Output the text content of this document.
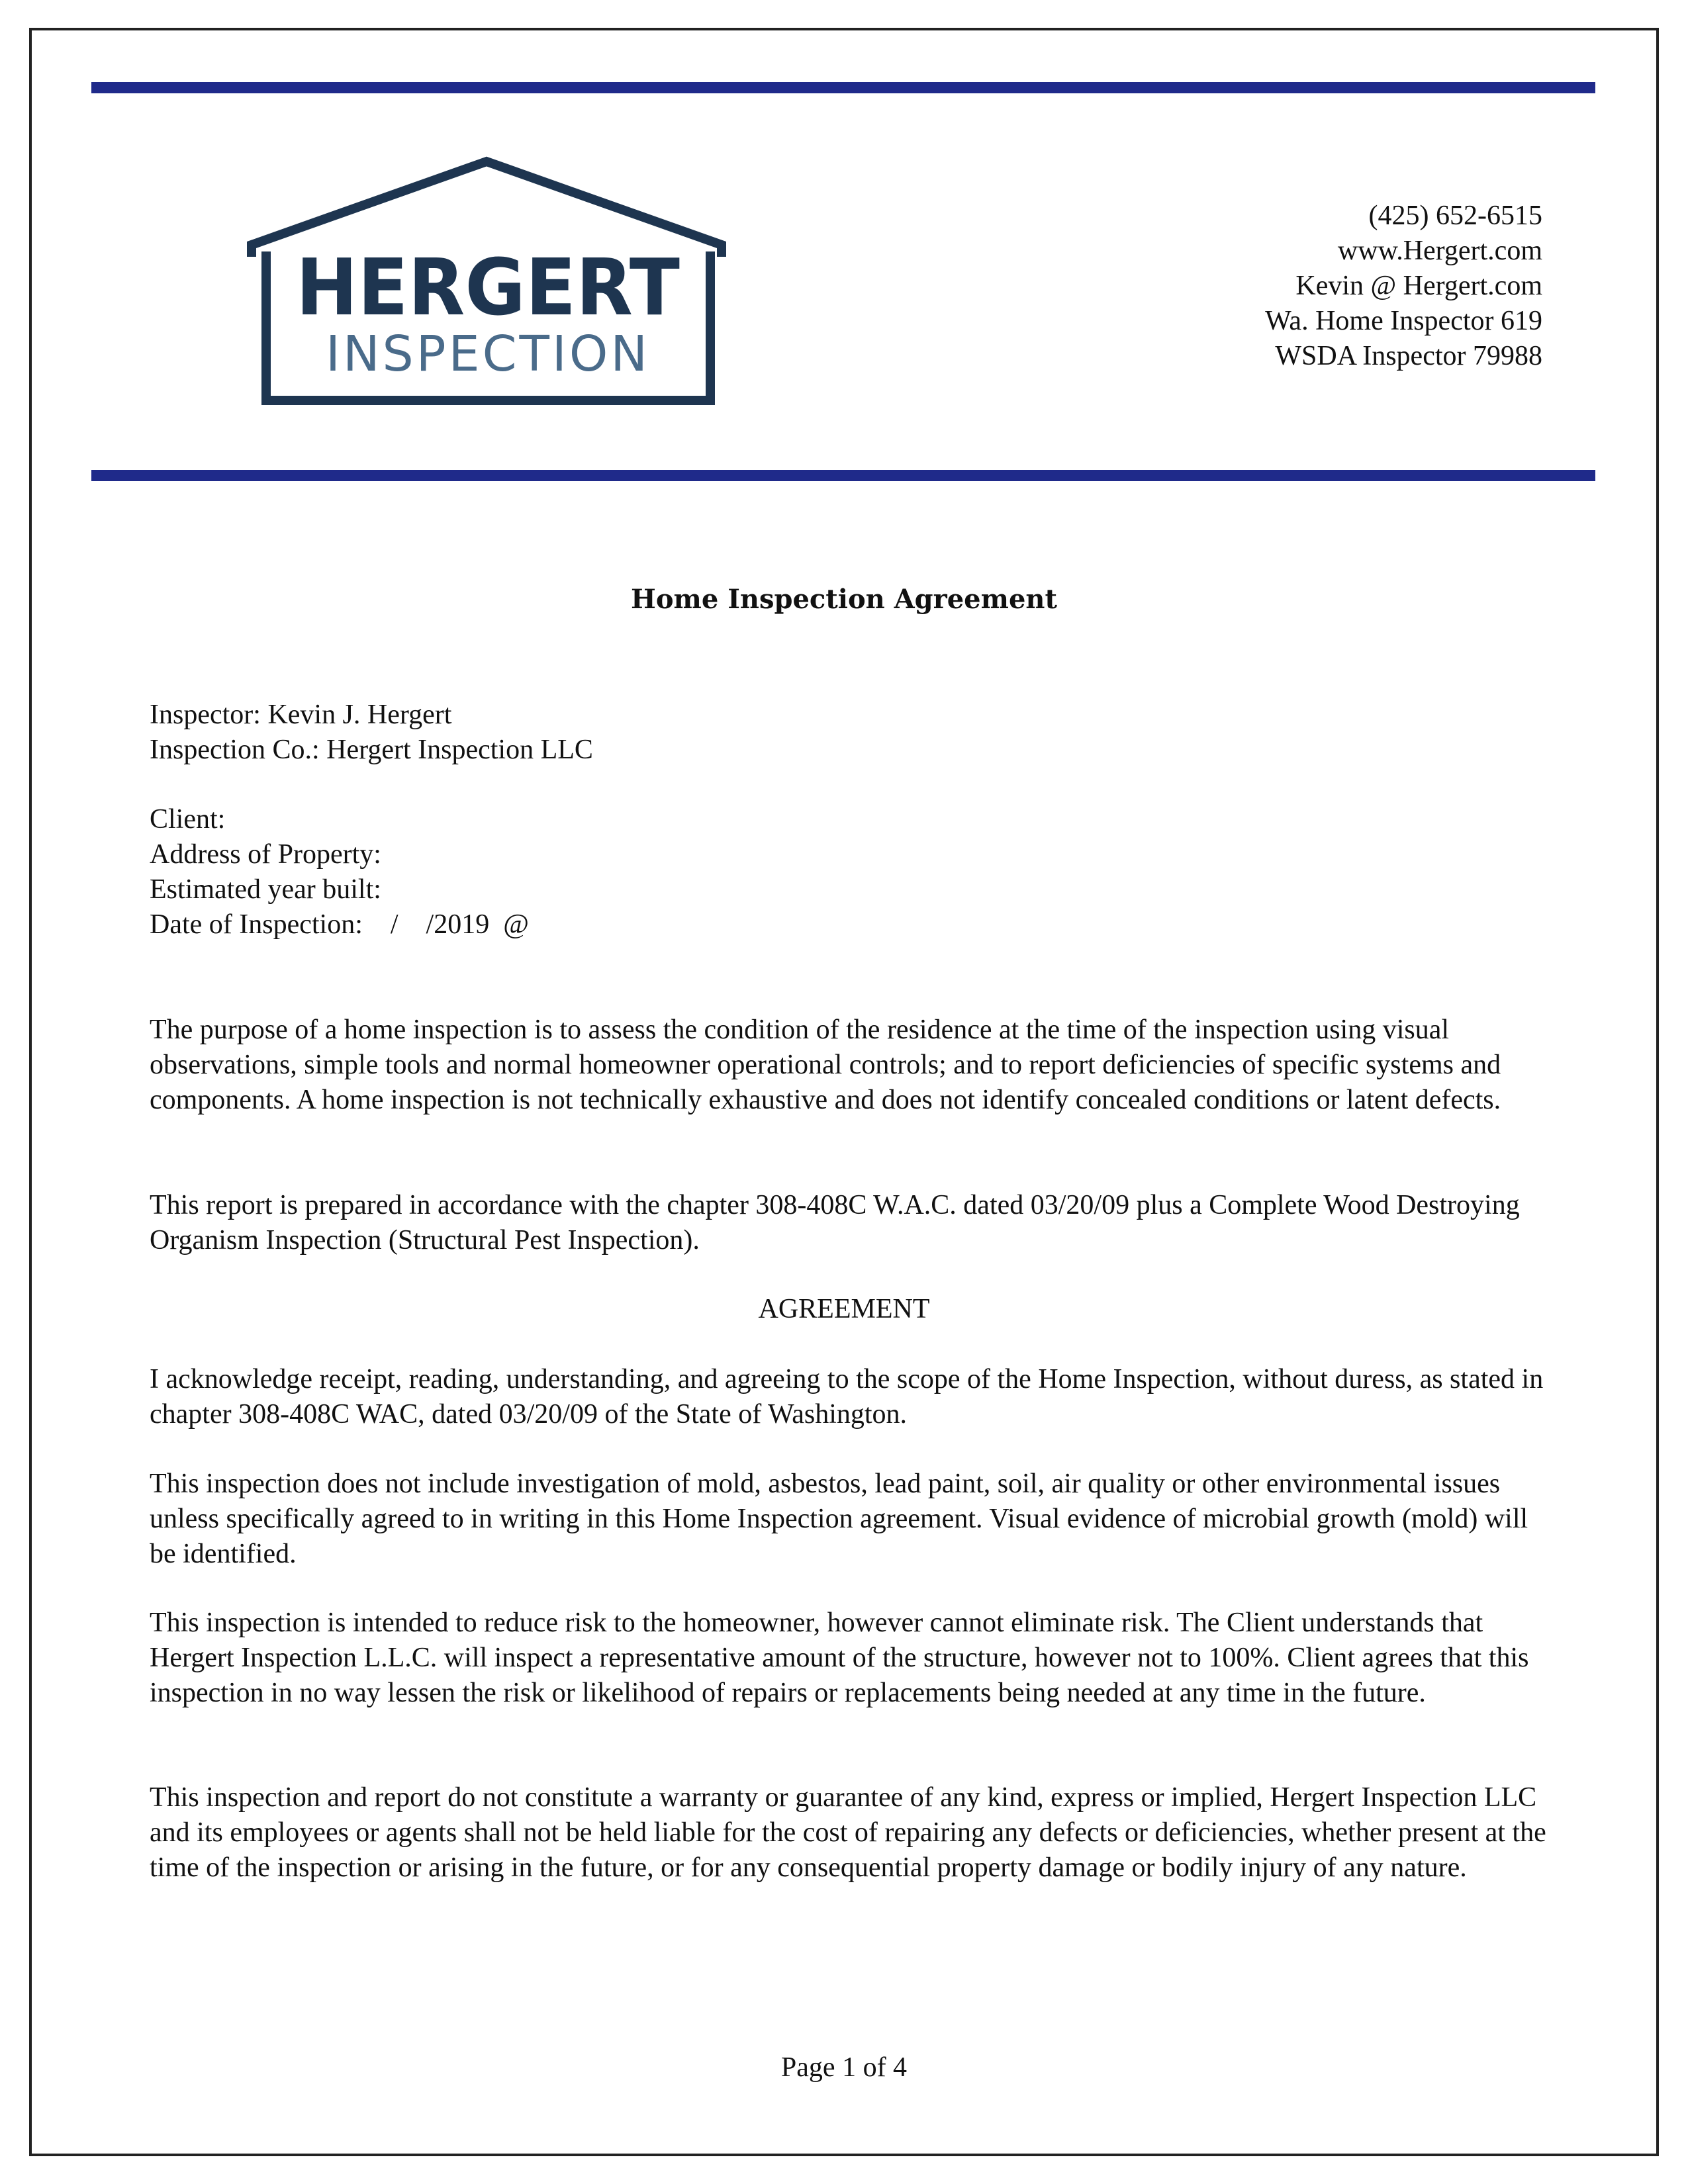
HERGERT
INSPECTION
(425) 652-6515
www.Hergert.com
Kevin @ Hergert.com
Wa. Home Inspector 619
WSDA Inspector 79988
Home Inspection Agreement

Inspector: Kevin J. Hergert

Inspection Co.: Hergert Inspection LLC

Client:

Address of Property:

Estimated year built:

Date of Inspection:    /    /2019  @

The purpose of a home inspection is to assess the condition of the residence at the time of the inspection using visual observations, simple tools and normal homeowner operational controls; and to report deficiencies of specific systems and components. A home inspection is not technically exhaustive and does not identify concealed conditions or latent defects.
This report is prepared in accordance with the chapter 308-408C W.A.C. dated 03/20/09 plus a Complete Wood Destroying Organism Inspection (Structural Pest Inspection).
AGREEMENT
I acknowledge receipt, reading, understanding, and agreeing to the scope of the Home Inspection, without duress, as stated in chapter 308-408C WAC, dated 03/20/09 of the State of Washington.
This inspection does not include investigation of mold, asbestos, lead paint, soil, air quality or other environmental issues unless specifically agreed to in writing in this Home Inspection agreement. Visual evidence of microbial growth (mold) will be identified.
This inspection is intended to reduce risk to the homeowner, however cannot eliminate risk. The Client understands that Hergert Inspection L.L.C. will inspect a representative amount of the structure, however not to 100%. Client agrees that this inspection in no way lessen the risk or likelihood of repairs or replacements being needed at any time in the future.
This inspection and report do not constitute a warranty or guarantee of any kind, express or implied, Hergert Inspection LLC and its employees or agents shall not be held liable for the cost of repairing any defects or deficiencies, whether present at the time of the inspection or arising in the future, or for any consequential property damage or bodily injury of any nature.
Page 1 of 4
